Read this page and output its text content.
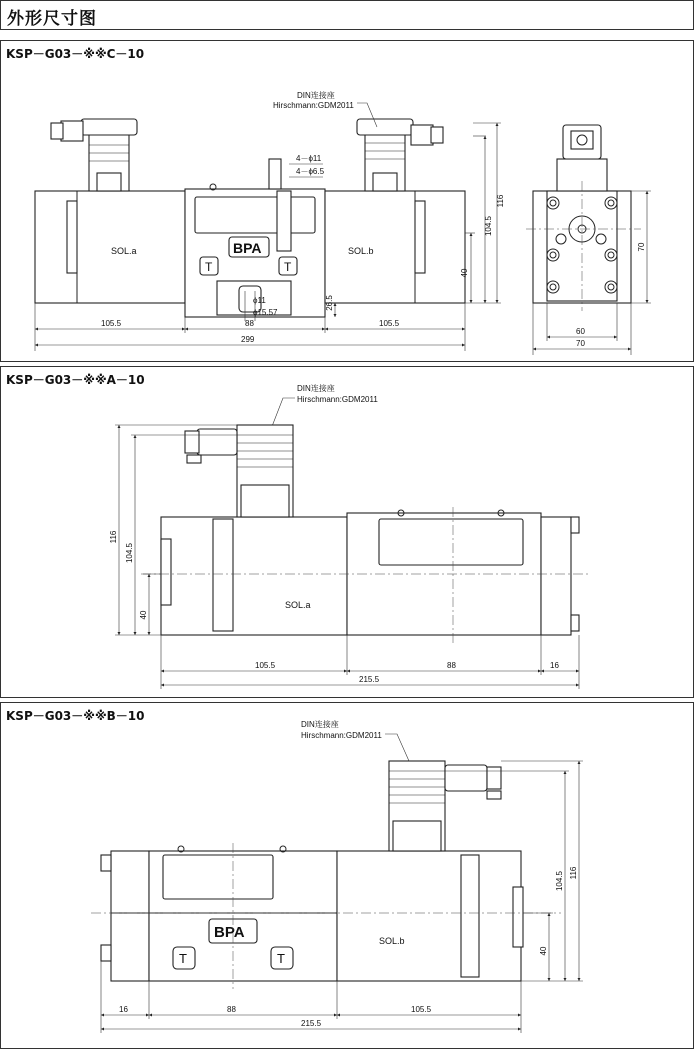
外形尺寸图
KSP－G03－※※C－10
BPA
T	T
SOL.a	SOL.b
DIN连接座
Hirschmann:GDM2011
4－ϕ11
4－ϕ6.5
ϕ11
ϕ15.57
104.5
116
40
26.5
105.5	88	105.5
299
60
70
70
KSP－G03－※※A－10
DIN连接座
Hirschmann:GDM2011
SOL.a
116
104.5
40
105.5	88	16
215.5
KSP－G03－※※B－10
DIN连接座
Hirschmann:GDM2011
BPA
T	T
SOL.b
104.5 116
40
16	88	105.5
215.5
